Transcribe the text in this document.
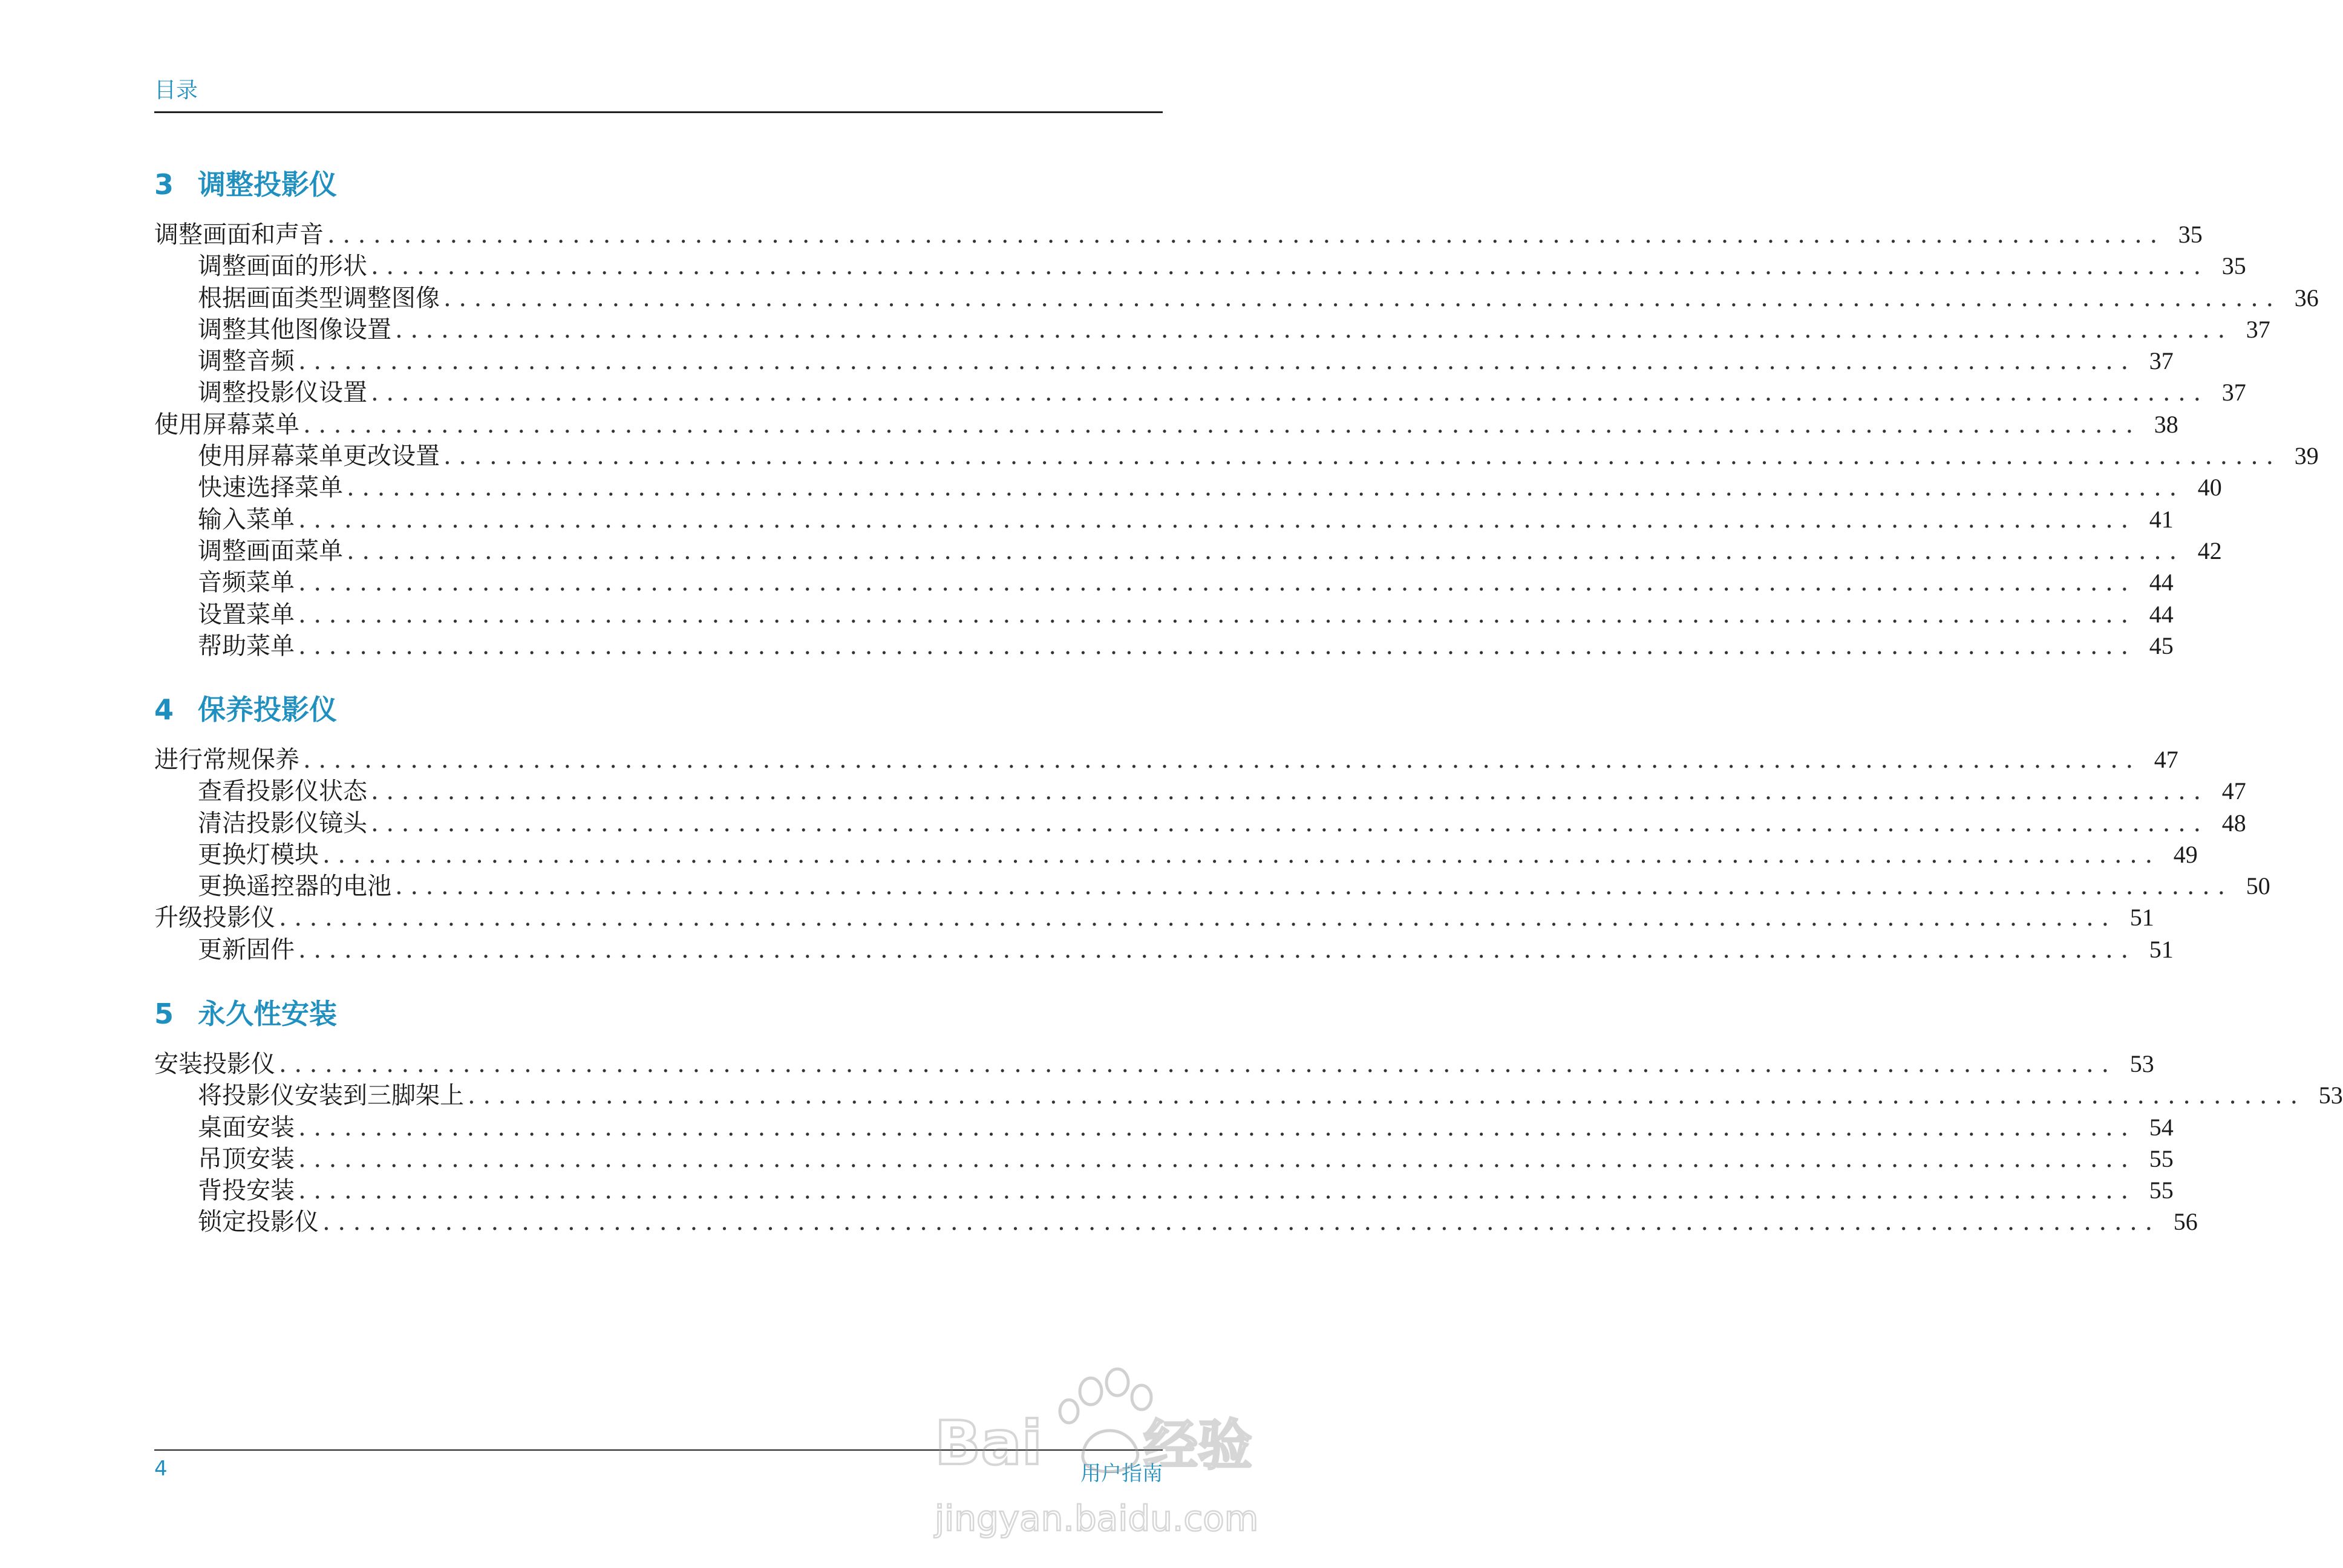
目录
3 调整投影仪
调整画面和声音 ........................................................................................................................ 35
调整画面的形状 ........................................................................................................................ 35
根据画面类型调整图像 ........................................................................................................................ 36
调整其他图像设置 ........................................................................................................................ 37
调整音频 ........................................................................................................................ 37
调整投影仪设置 ........................................................................................................................ 37
使用屏幕菜单 ........................................................................................................................ 38
使用屏幕菜单更改设置 ........................................................................................................................ 39
快速选择菜单 ........................................................................................................................ 40
输入菜单 ........................................................................................................................ 41
调整画面菜单 ........................................................................................................................ 42
音频菜单 ........................................................................................................................ 44
设置菜单 ........................................................................................................................ 44
帮助菜单 ........................................................................................................................ 45
4 保养投影仪
进行常规保养 ........................................................................................................................ 47
查看投影仪状态 ........................................................................................................................ 47
清洁投影仪镜头 ........................................................................................................................ 48
更换灯模块 ........................................................................................................................ 49
更换遥控器的电池 ........................................................................................................................ 50
升级投影仪 ........................................................................................................................ 51
更新固件 ........................................................................................................................ 51
5 永久性安装
安装投影仪 ........................................................................................................................ 53
将投影仪安装到三脚架上 ........................................................................................................................ 53
桌面安装 ........................................................................................................................ 54
吊顶安装 ........................................................................................................................ 55
背投安装 ........................................................................................................................ 55
锁定投影仪 ........................................................................................................................ 56
4	用户指南
Bai 经验
jingyan.baidu.com
